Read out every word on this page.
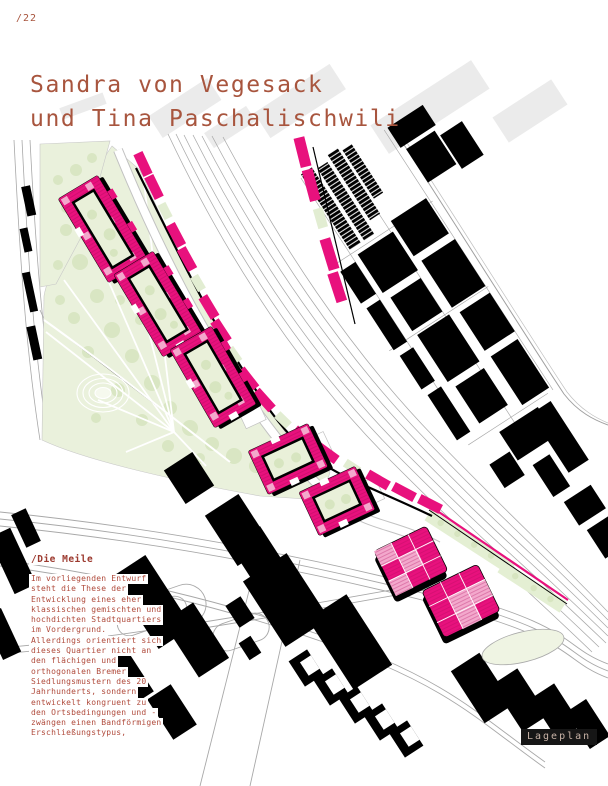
/22
Sandra von Vegesack
und Tina Paschalischwili
/Die Meile
Im vorliegenden Entwurf
steht die These der
Entwicklung eines eher
klassischen gemischten und
hochdichten Stadtquartiers
im Vordergrund.
Allerdings orientiert sich
dieses Quartier nicht an
den flächigen und
orthogonalen Bremer
Siedlungsmustern des 20
Jahrhunderts, sondern
entwickelt kongruent zu
den Ortsbedingungen und -
zwängen einen Bandförmigen
Erschließungstypus,	Lageplan
